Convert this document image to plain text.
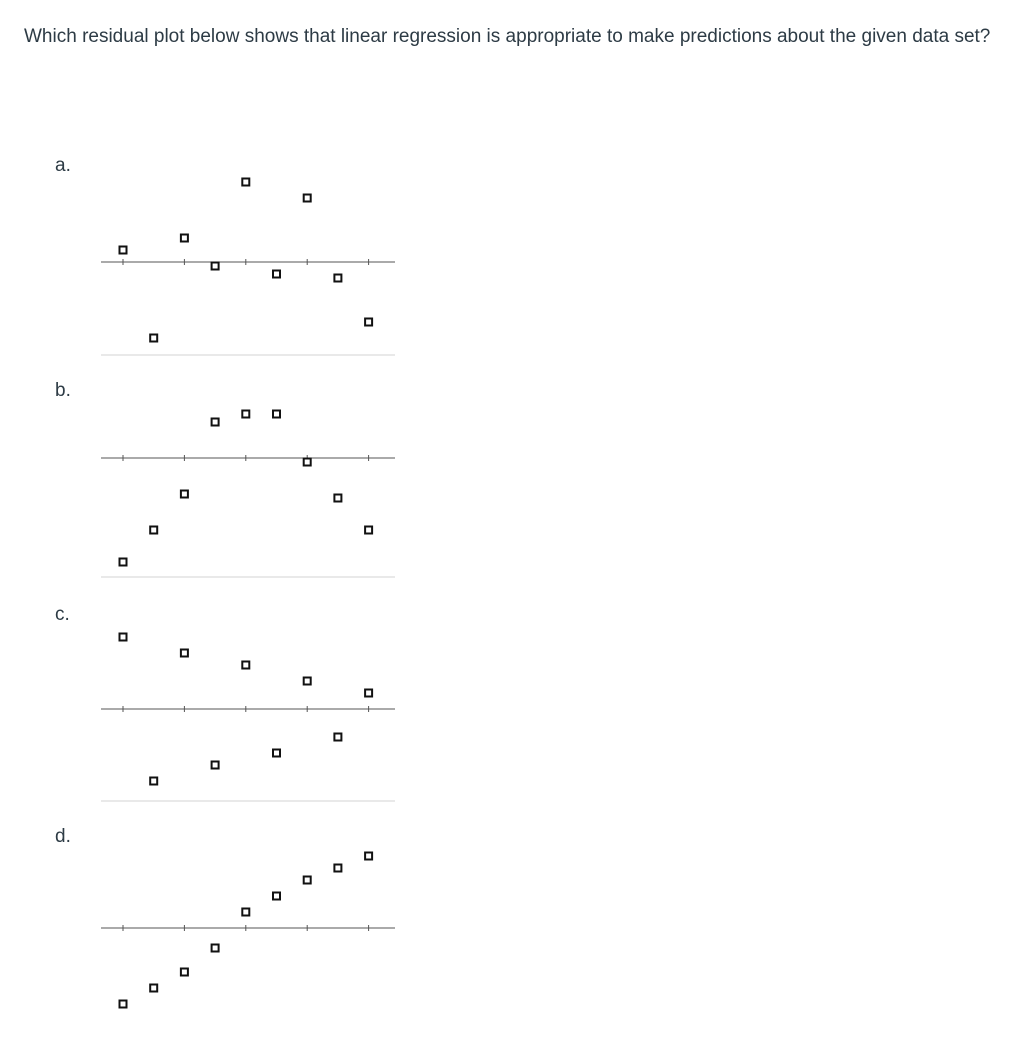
Which residual plot below shows that linear regression is appropriate to make predictions about the given data set?

a.
b.
c.
d.
